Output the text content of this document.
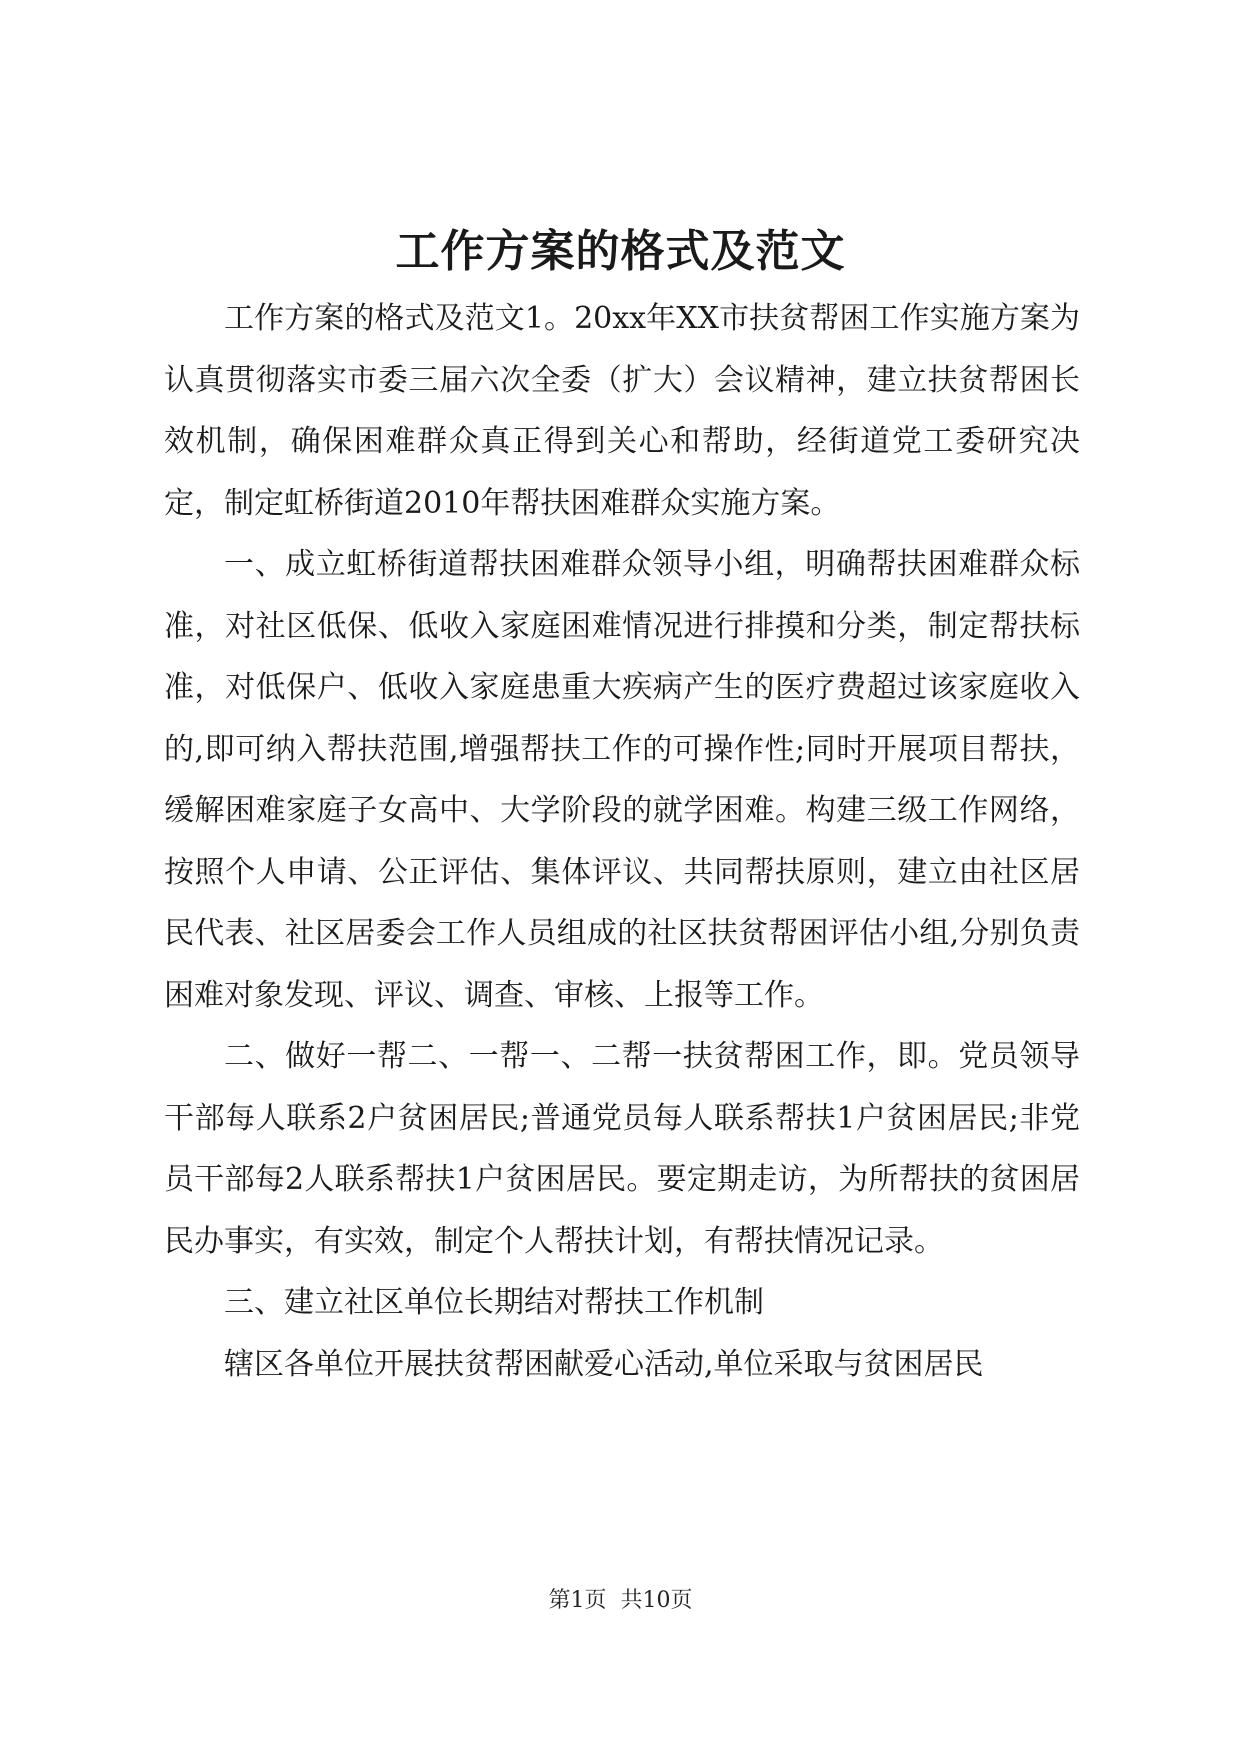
工作方案的格式及范文

工作方案的格式及范文1。20xx年XX市扶贫帮困工作实施方案为认真贯彻落实市委三届六次全委（扩大）会议精神，建立扶贫帮困长效机制，确保困难群众真正得到关心和帮助，经街道党工委研究决定，制定虹桥街道2010年帮扶困难群众实施方案。

一、成立虹桥街道帮扶困难群众领导小组，明确帮扶困难群众标准，对社区低保、低收入家庭困难情况进行排摸和分类，制定帮扶标准，对低保户、低收入家庭患重大疾病产生的医疗费超过该家庭收入的,即可纳入帮扶范围,增强帮扶工作的可操作性;同时开展项目帮扶，缓解困难家庭子女高中、大学阶段的就学困难。构建三级工作网络，按照个人申请、公正评估、集体评议、共同帮扶原则，建立由社区居民代表、社区居委会工作人员组成的社区扶贫帮困评估小组,分别负责困难对象发现、评议、调查、审核、上报等工作。

二、做好一帮二、一帮一、二帮一扶贫帮困工作，即。党员领导干部每人联系2户贫困居民;普通党员每人联系帮扶1户贫困居民;非党员干部每2人联系帮扶1户贫困居民。要定期走访，为所帮扶的贫困居民办事实，有实效，制定个人帮扶计划，有帮扶情况记录。

三、建立社区单位长期结对帮扶工作机制

辖区各单位开展扶贫帮困献爱心活动,单位采取与贫困居民

第1页  共10页
